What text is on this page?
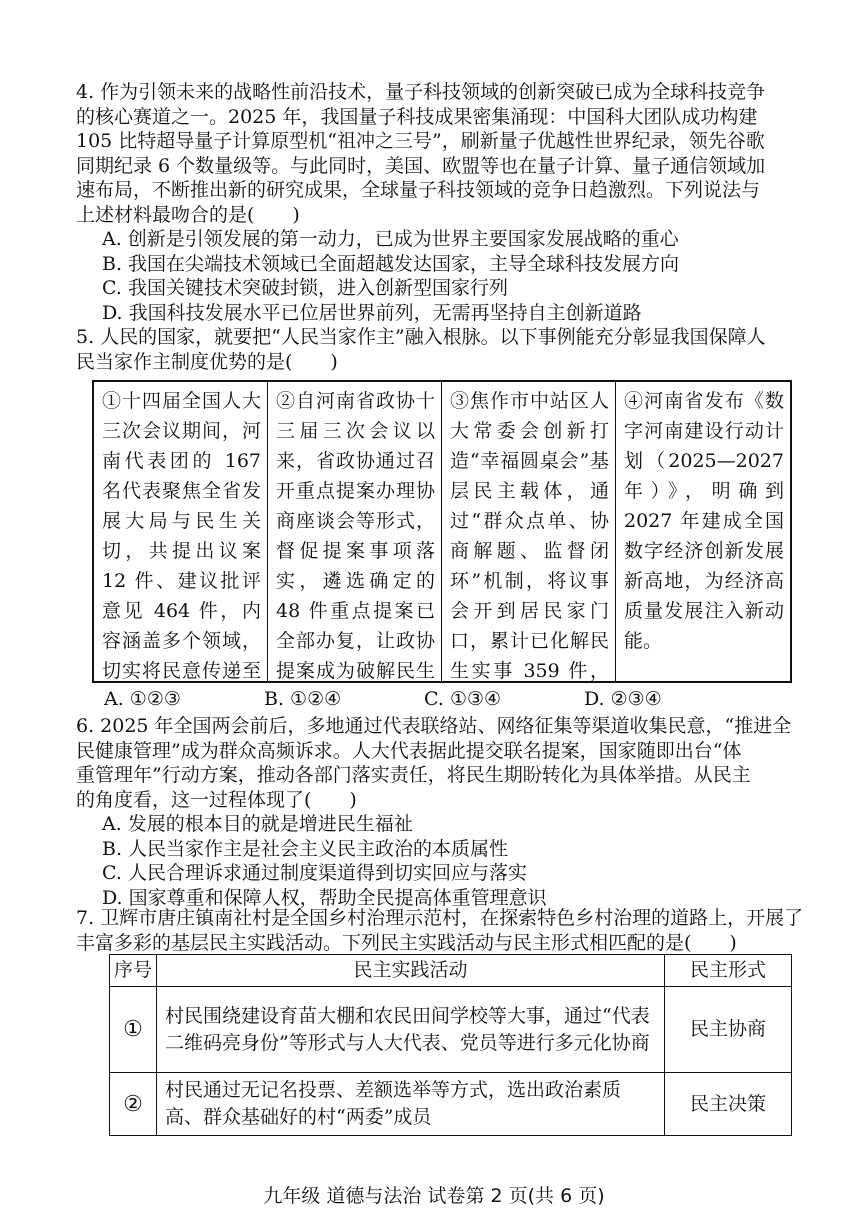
4. 作为引领未来的战略性前沿技术，量子科技领域的创新突破已成为全球科技竞争
的核心赛道之一。2025 年，我国量子科技成果密集涌现：中国科大团队成功构建
105 比特超导量子计算原型机“祖冲之三号”，刷新量子优越性世界纪录，领先谷歌
同期纪录 6 个数量级等。与此同时，美国、欧盟等也在量子计算、量子通信领域加
速布局，不断推出新的研究成果，全球量子科技领域的竞争日趋激烈。下列说法与
上述材料最吻合的是(　　)
A. 创新是引领发展的第一动力，已成为世界主要国家发展战略的重心
B. 我国在尖端技术领域已全面超越发达国家，主导全球科技发展方向
C. 我国关键技术突破封锁，进入创新型国家行列
D. 我国科技发展水平已位居世界前列，无需再坚持自主创新道路
5. 人民的国家，就要把“人民当家作主”融入根脉。以下事例能充分彰显我国保障人
民当家作主制度优势的是(　　)
①十四届全国人大三次会议期间，河南代表团的 167 名代表聚焦全省发展大局与民生关切，共提出议案 12 件、建议批评意见 464 件，内容涵盖多个领域，切实将民意传递至
②自河南省政协十三届三次会议以来，省政协通过召开重点提案办理协商座谈会等形式，督促提案事项落实，遴选确定的 48 件重点提案已全部办复，让政协提案成为破解民生
③焦作市中站区人大常委会创新打造“幸福圆桌会”基层民主载体，通过“群众点单、协商解题、监督闭环”机制，将议事会开到居民家门口，累计已化解民生实事 359 件，
④河南省发布《数字河南建设行动计划（2025—2027年）》，明确到 2027 年建成全国数字经济创新发展新高地，为经济高质量发展注入新动能。
A. ①②③	B. ①②④	C. ①③④	D. ②③④
6. 2025 年全国两会前后，多地通过代表联络站、网络征集等渠道收集民意，“推进全
民健康管理”成为群众高频诉求。人大代表据此提交联名提案，国家随即出台“体
重管理年”行动方案，推动各部门落实责任，将民生期盼转化为具体举措。从民主
的角度看，这一过程体现了(　　)
A. 发展的根本目的就是增进民生福祉
B. 人民当家作主是社会主义民主政治的本质属性
C. 人民合理诉求通过制度渠道得到切实回应与落实
D. 国家尊重和保障人权，帮助全民提高体重管理意识
7. 卫辉市唐庄镇南社村是全国乡村治理示范村，在探索特色乡村治理的道路上，开展了
丰富多彩的基层民主实践活动。下列民主实践活动与民主形式相匹配的是(　　)
序号	民主实践活动	民主形式
①	村民围绕建设育苗大棚和农民田间学校等大事，通过“代表二维码亮身份”等形式与人大代表、党员等进行多元化协商	民主协商
②	村民通过无记名投票、差额选举等方式，选出政治素质高、群众基础好的村“两委”成员	民主决策
九年级 道德与法治 试卷第 2 页(共 6 页)
